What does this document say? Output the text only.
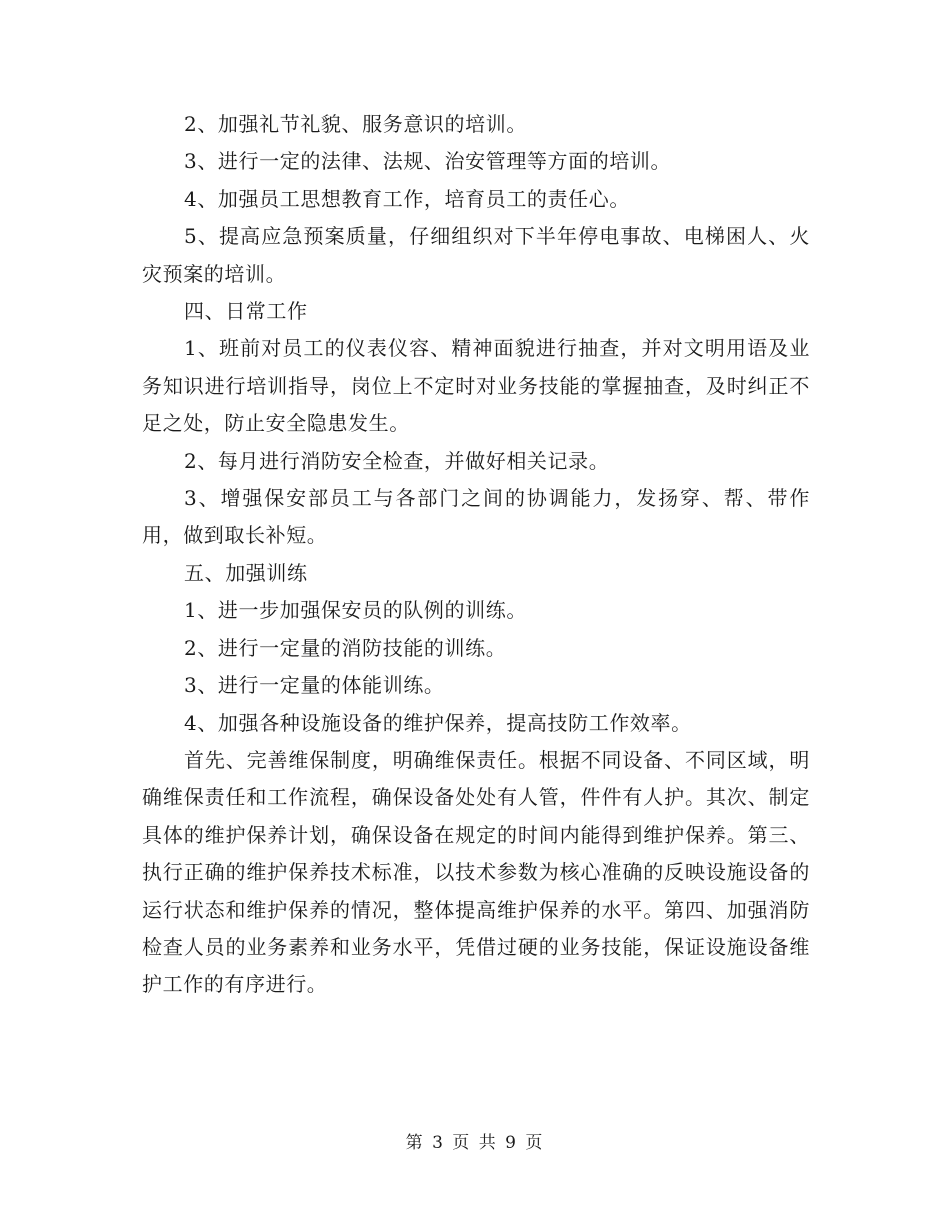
2、加强礼节礼貌、服务意识的培训。

3、进行一定的法律、法规、治安管理等方面的培训。

4、加强员工思想教育工作，培育员工的责任心。

5、提高应急预案质量，仔细组织对下半年停电事故、电梯困人、火灾预案的培训。

四、日常工作

1、班前对员工的仪表仪容、精神面貌进行抽查，并对文明用语及业务知识进行培训指导，岗位上不定时对业务技能的掌握抽查，及时纠正不足之处，防止安全隐患发生。

2、每月进行消防安全检查，并做好相关记录。

3、增强保安部员工与各部门之间的协调能力，发扬穿、帮、带作用，做到取长补短。

五、加强训练

1、进一步加强保安员的队例的训练。

2、进行一定量的消防技能的训练。

3、进行一定量的体能训练。

4、加强各种设施设备的维护保养，提高技防工作效率。

首先、完善维保制度，明确维保责任。根据不同设备、不同区域，明确维保责任和工作流程，确保设备处处有人管，件件有人护。其次、制定具体的维护保养计划，确保设备在规定的时间内能得到维护保养。第三、执行正确的维护保养技术标准，以技术参数为核心准确的反映设施设备的运行状态和维护保养的情况，整体提高维护保养的水平。第四、加强消防检查人员的业务素养和业务水平，凭借过硬的业务技能，保证设施设备维护工作的有序进行。

第 3 页 共 9 页
